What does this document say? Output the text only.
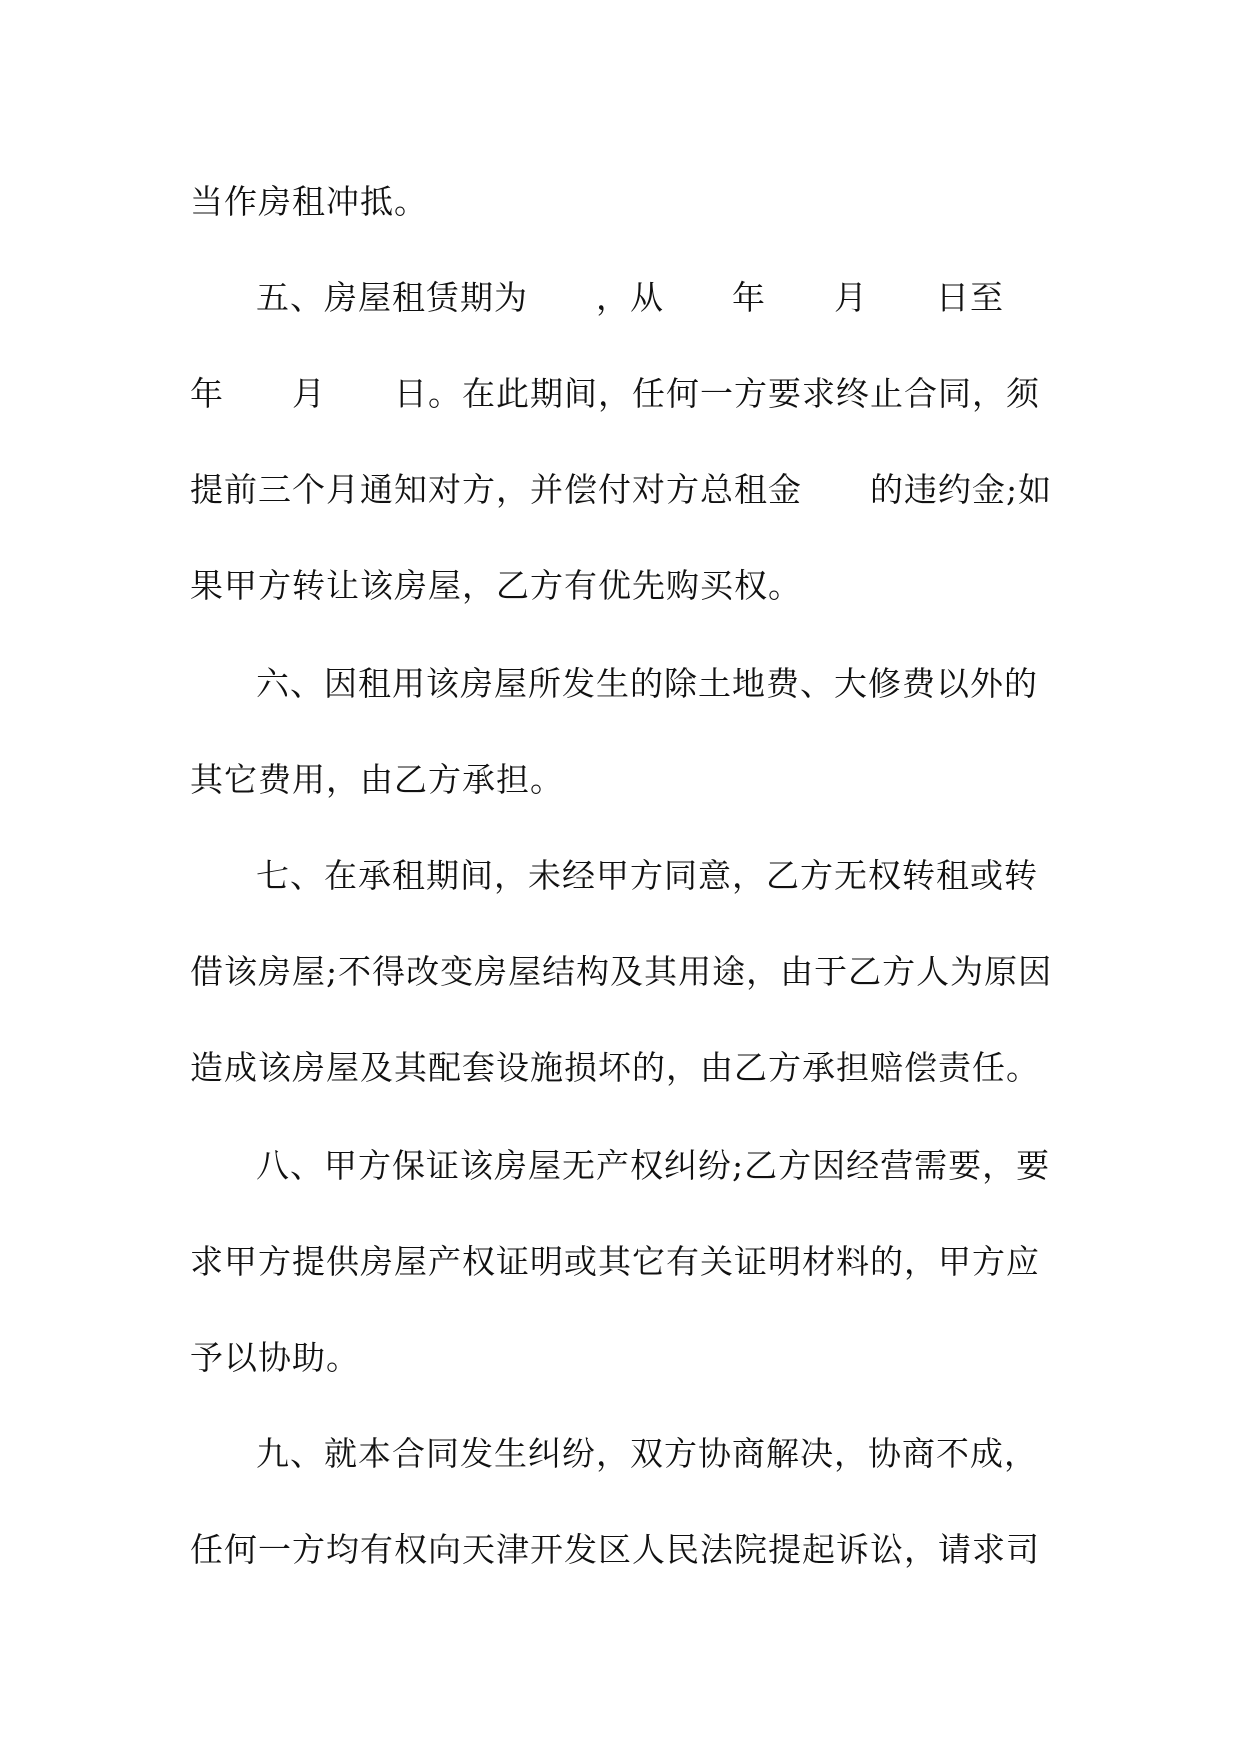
当作房租冲抵。
五、房屋租赁期为　　，从　　年　　月　　日至
年　　月　　日。在此期间，任何一方要求终止合同，须
提前三个月通知对方，并偿付对方总租金　　的违约金;如
果甲方转让该房屋，乙方有优先购买权。
六、因租用该房屋所发生的除土地费、大修费以外的
其它费用，由乙方承担。
七、在承租期间，未经甲方同意，乙方无权转租或转
借该房屋;不得改变房屋结构及其用途，由于乙方人为原因
造成该房屋及其配套设施损坏的，由乙方承担赔偿责任。
八、甲方保证该房屋无产权纠纷;乙方因经营需要，要
求甲方提供房屋产权证明或其它有关证明材料的，甲方应
予以协助。
九、就本合同发生纠纷，双方协商解决，协商不成，
任何一方均有权向天津开发区人民法院提起诉讼，请求司
